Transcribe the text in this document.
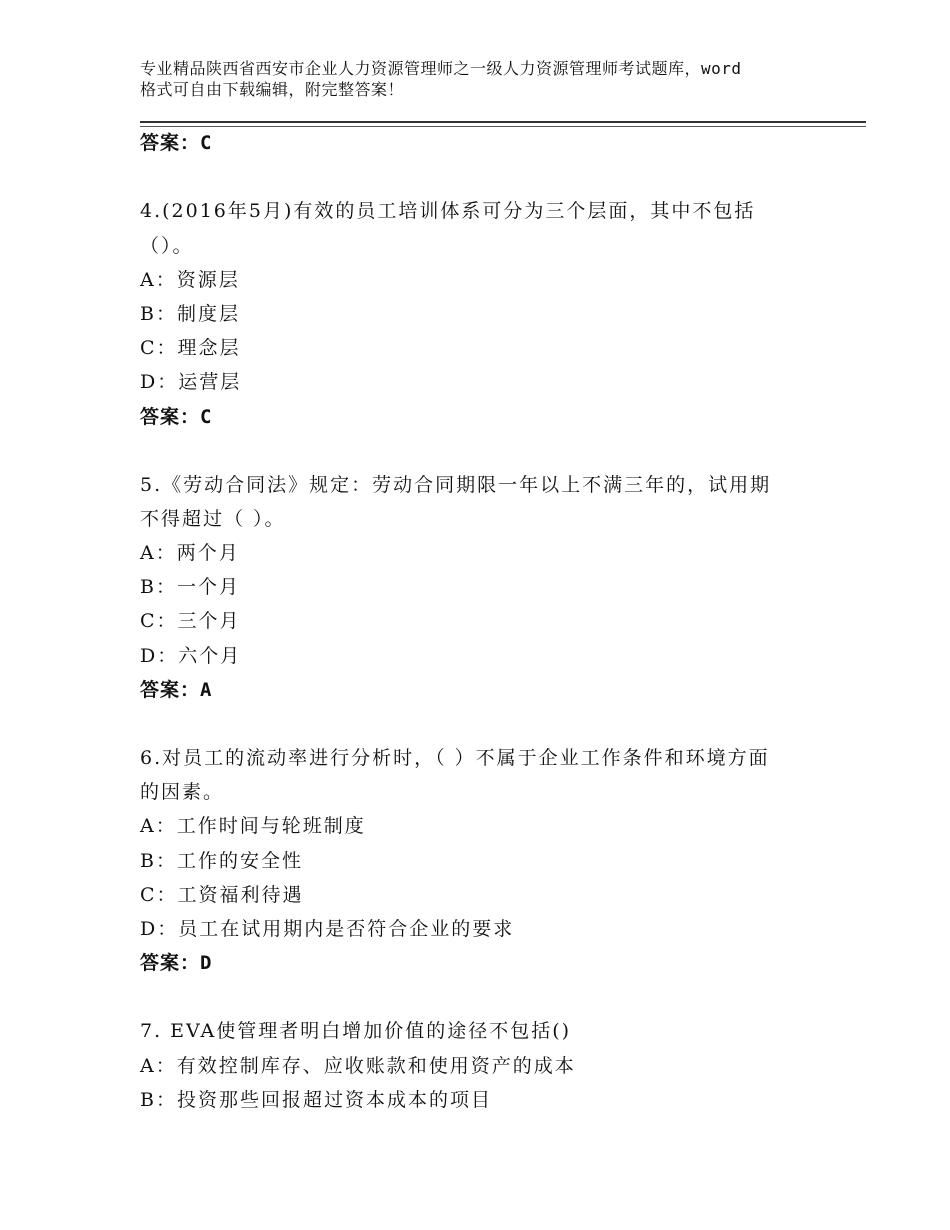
专业精品陕西省西安市企业人力资源管理师之一级人力资源管理师考试题库，word
格式可自由下载编辑，附完整答案！
答案：C
4.(2016年5月)有效的员工培训体系可分为三个层面，其中不包括
（）。
A：资源层
B：制度层
C：理念层
D：运营层
答案：C
5.《劳动合同法》规定：劳动合同期限一年以上不满三年的，试用期
不得超过（ ）。
A：两个月
B：一个月
C：三个月
D：六个月
答案：A
6.对员工的流动率进行分析时，（ ）不属于企业工作条件和环境方面
的因素。
A：工作时间与轮班制度
B：工作的安全性
C：工资福利待遇
D：员工在试用期内是否符合企业的要求
答案：D
7. EVA使管理者明白增加价值的途径不包括()
A：有效控制库存、应收账款和使用资产的成本
B：投资那些回报超过资本成本的项目
